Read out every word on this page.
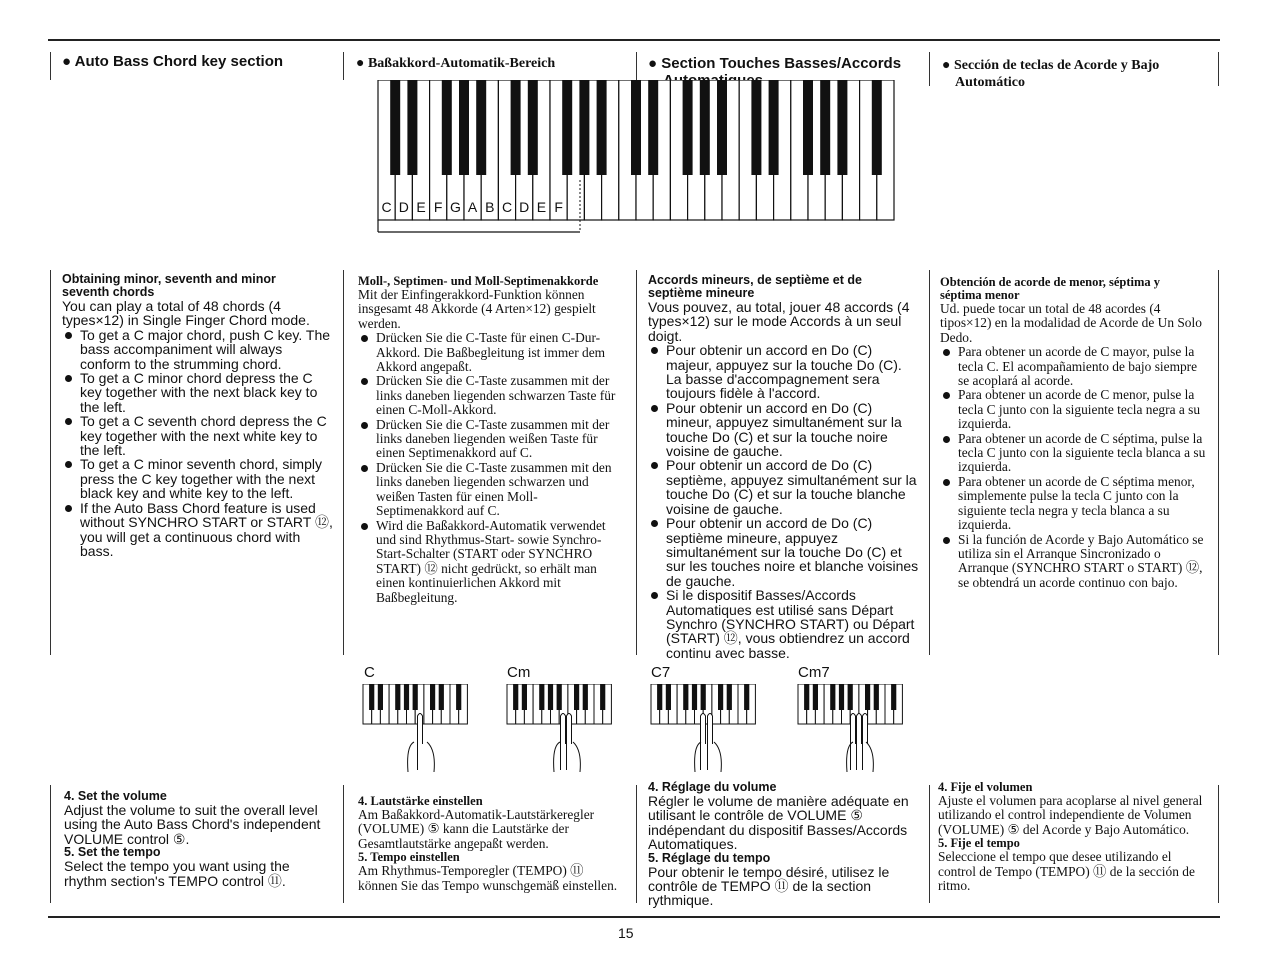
● Auto Bass Chord key section	● Baßakkord-Automatik-Bereich	● Section Touches Basses/Accords	● Sección de teclas de Acorde y Bajo

Automático

C D E F G A B C D E F

Obtaining minor, seventh and minor

seventh chords

You can play a total of 48 chords (4 types×12) in Single Finger Chord mode.

To get a C major chord, push C key. The bass accompaniment will always conform to the strumming chord.
To get a C minor chord depress the C key together with the next black key to the left.
To get a C seventh chord depress the C key together with the next white key to the left.
To get a C minor seventh chord, simply press the C key together with the next black key and white key to the left.
If the Auto Bass Chord feature is used without SYNCHRO START or START ⑫, you will get a continuous chord with bass.

Moll-, Septimen- und Moll-Septimenakkorde

Mit der Einfingerakkord-Funktion können insgesamt 48 Akkorde (4 Arten×12) gespielt werden.

Drücken Sie die C-Taste für einen C-Dur-Akkord. Die Baßbegleitung ist immer dem Akkord angepaßt.
Drücken Sie die C-Taste zusammen mit der links daneben liegenden schwarzen Taste für einen C-Moll-Akkord.
Drücken Sie die C-Taste zusammen mit der links daneben liegenden weißen Taste für einen Septimenakkord auf C.
Drücken Sie die C-Taste zusammen mit den links daneben liegenden schwarzen und weißen Tasten für einen Moll-Septimenakkord auf C.
Wird die Baßakkord-Automatik verwendet und sind Rhythmus-Start- sowie Synchro-Start-Schalter (START oder SYNCHRO START) ⑫ nicht gedrückt, so erhält man einen kontinuierlichen Akkord mit Baßbegleitung.

Accords mineurs, de septième et de

septième mineure

Vous pouvez, au total, jouer 48 accords (4 types×12) sur le mode Accords à un seul doigt.

Pour obtenir un accord en Do (C) majeur, appuyez sur la touche Do (C). La basse d'accompagnement sera toujours fidèle à l'accord.
Pour obtenir un accord en Do (C) mineur, appuyez simultanément sur la touche Do (C) et sur la touche noire voisine de gauche.
Pour obtenir un accord de Do (C) septième, appuyez simultanément sur la touche Do (C) et sur la touche blanche voisine de gauche.
Pour obtenir un accord de Do (C) septième mineure, appuyez simultanément sur la touche Do (C) et sur les touches noire et blanche voisines de gauche.
Si le dispositif Basses/Accords Automatiques est utilisé sans Départ Synchro (SYNCHRO START) ou Départ (START) ⑫, vous obtiendrez un accord continu avec basse.

Obtención de acorde de menor, séptima y

séptima menor

Ud. puede tocar un total de 48 acordes (4 tipos×12) en la modalidad de Acorde de Un Solo Dedo.

Para obtener un acorde de C mayor, pulse la tecla C. El acompañamiento de bajo siempre se acoplará al acorde.
Para obtener un acorde de C menor, pulse la tecla C junto con la siguiente tecla negra a su izquierda.
Para obtener un acorde de C séptima, pulse la tecla C junto con la siguiente tecla blanca a su izquierda.
Para obtener un acorde de C séptima menor, simplemente pulse la tecla C junto con la siguiente tecla negra y tecla blanca a su izquierda.
Si la función de Acorde y Bajo Automático se utiliza sin el Arranque Sincronizado o Arranque (SYNCHRO START o START) ⑫, se obtendrá un acorde continuo con bajo.
C	Cm	C7	Cm7

4. Set the volume

Adjust the volume to suit the overall level using the Auto Bass Chord's independent VOLUME control ⑤.

5. Set the tempo

Select the tempo you want using the rhythm section's TEMPO control ⑪.

4. Lautstärke einstellen

Am Baßakkord-Automatik-Lautstärkeregler (VOLUME) ⑤ kann die Lautstärke der Gesamtlautstärke angepaßt werden.

5. Tempo einstellen

Am Rhythmus-Temporegler (TEMPO) ⑪ können Sie das Tempo wunschgemäß einstellen.

4. Réglage du volume

Régler le volume de manière adéquate en utilisant le contrôle de VOLUME ⑤ indépendant du dispositif Basses/Accords Automatiques.

5. Réglage du tempo

Pour obtenir le tempo désiré, utilisez le contrôle de TEMPO ⑪ de la section rythmique.

4. Fije el volumen

Ajuste el volumen para acoplarse al nivel general utilizando el control independiente de Volumen (VOLUME) ⑤ del Acorde y Bajo Automático.

5. Fije el tempo

Seleccione el tempo que desee utilizando el control de Tempo (TEMPO) ⑪ de la sección de ritmo.

15
